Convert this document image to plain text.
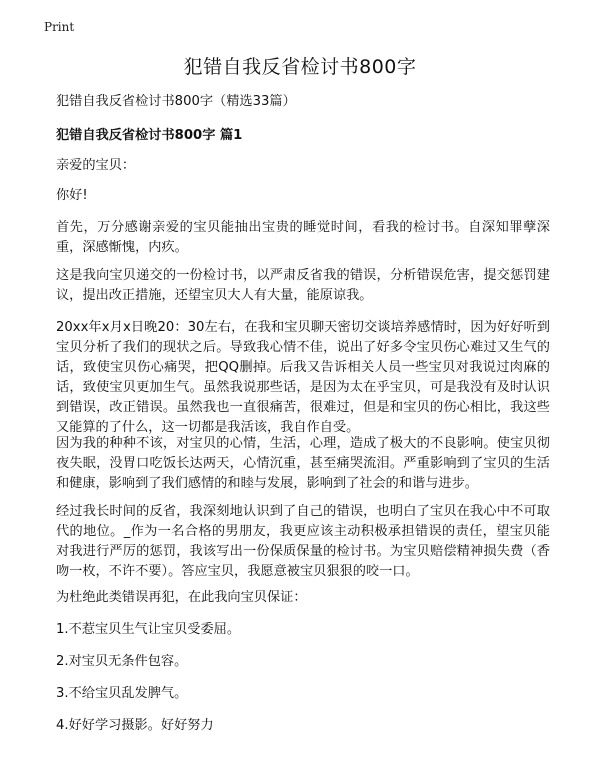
Print
犯错自我反省检讨书800字
犯错自我反省检讨书800字（精选33篇）
犯错自我反省检讨书800字 篇1
亲爱的宝贝：
你好!
首先，万分感谢亲爱的宝贝能抽出宝贵的睡觉时间，看我的检讨书。自深知罪孽深重，深感惭愧，内疚。
这是我向宝贝递交的一份检讨书，以严肃反省我的错误，分析错误危害，提交惩罚建议，提出改正措施，还望宝贝大人有大量，能原谅我。
20xx年x月x日晚20：30左右，在我和宝贝聊天密切交谈培养感情时，因为好好听到宝贝分析了我们的现状之后。导致我心情不佳，说出了好多令宝贝伤心难过又生气的话，致使宝贝伤心痛哭，把QQ删掉。后我又告诉相关人员一些宝贝对我说过肉麻的话，致使宝贝更加生气。虽然我说那些话，是因为太在乎宝贝，可是我没有及时认识到错误，改正错误。虽然我也一直很痛苦，很难过，但是和宝贝的伤心相比，我这些又能算的了什么，这一切都是我活该，我自作自受。
因为我的种种不该，对宝贝的心情，生活，心理，造成了极大的不良影响。使宝贝彻夜失眠，没胃口吃饭长达两天，心情沉重，甚至痛哭流泪。严重影响到了宝贝的生活和健康，影响到了我们感情的和睦与发展，影响到了社会的和谐与进步。
经过我长时间的反省，我深刻地认识到了自己的错误，也明白了宝贝在我心中不可取代的地位。_作为一名合格的男朋友，我更应该主动积极承担错误的责任，望宝贝能对我进行严厉的惩罚，我该写出一份保质保量的检讨书。为宝贝赔偿精神损失费（香吻一枚，不许不要）。答应宝贝，我愿意被宝贝狠狠的咬一口。
为杜绝此类错误再犯，在此我向宝贝保证：
1.不惹宝贝生气让宝贝受委屈。
2.对宝贝无条件包容。
3.不给宝贝乱发脾气。
4.好好学习摄影。好好努力
